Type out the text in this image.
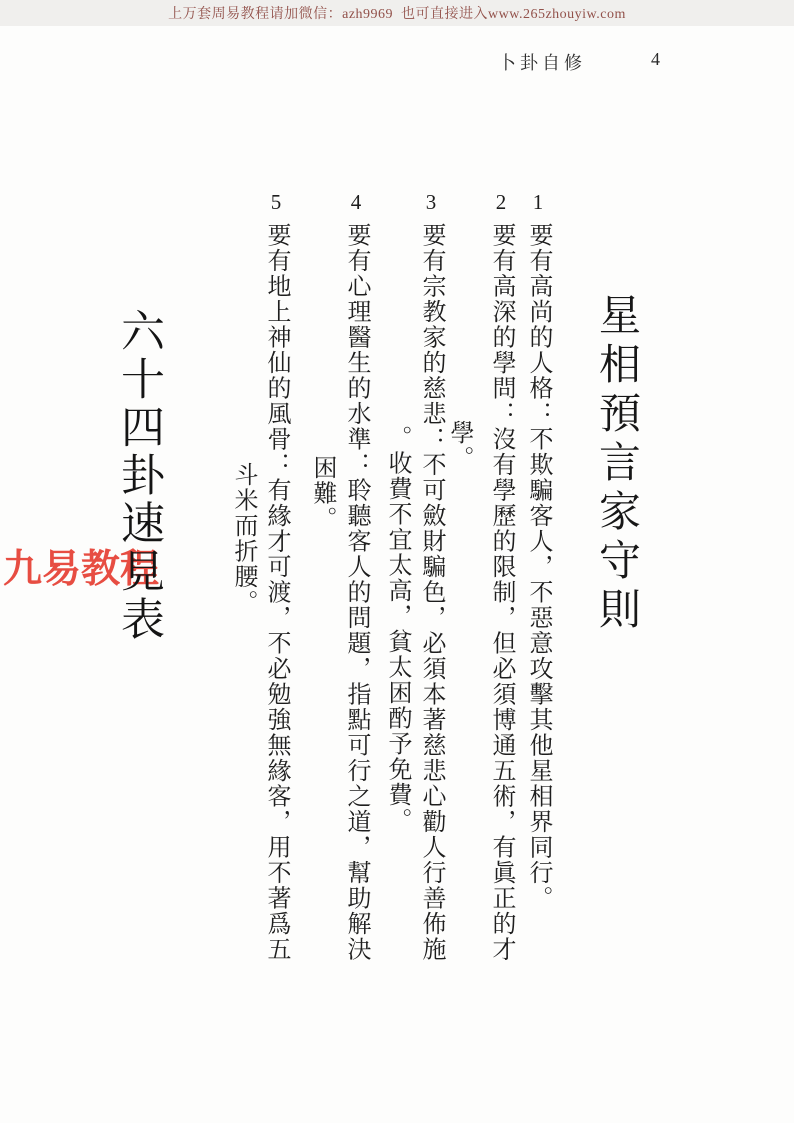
上万套周易教程请加微信：azh9969  也可直接进入www.265zhouyiw.com
卜卦自修	4
星相預言家守則
1要有高尚的人格：不欺騙客人，不惡意攻擊其他星相界同行。
2要有高深的學問：沒有學歷的限制，但必須博通五術，有眞正的才
學。
3要有宗教家的慈悲：不可斂財騙色，必須本著慈悲心勸人行善佈施
。收費不宜太高，貧太困酌予免費。
4要有心理醫生的水準：聆聽客人的問題，指點可行之道，幫助解決
困難。
5要有地上神仙的風骨：有緣才可渡，不必勉強無緣客，用不著爲五
斗米而折腰。
六十四卦速見表
九易教程
